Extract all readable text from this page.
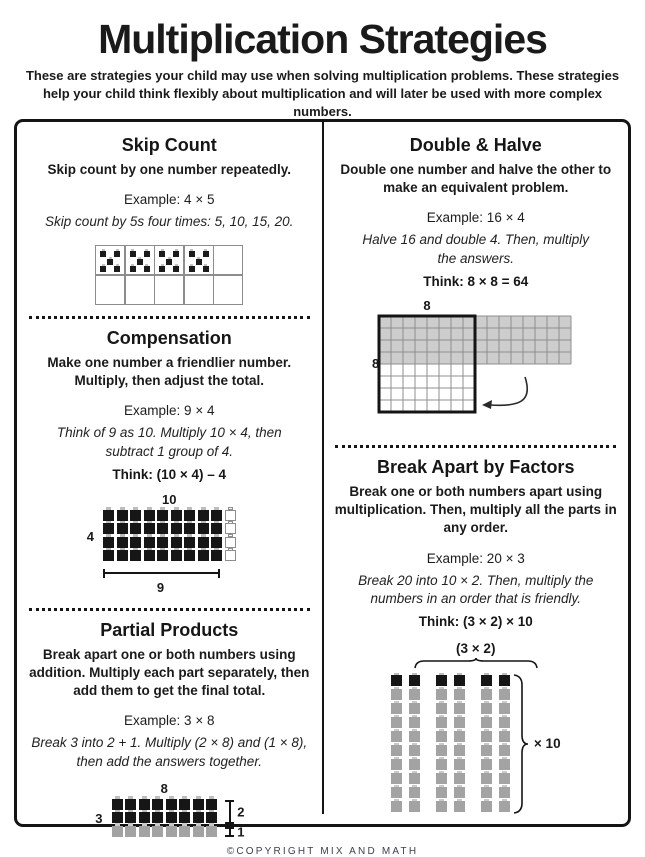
Multiplication Strategies

These are strategies your child may use when solving multiplication problems. These strategies help your child think flexibly about multiplication and will later be used with more complex numbers.

Skip Count

Skip count by one number repeatedly.

Example: 4 × 5

Skip count by 5s four times: 5, 10, 15, 20.

Compensation

Make one number a friendlier number. Multiply, then adjust the total.

Example: 9 × 4

Think of 9 as 10. Multiply 10 × 4, then subtract 1 group of 4.

Think: (10 × 4) – 4

10
4
9
Partial Products

Break apart one or both numbers using addition. Multiply each part separately, then add them to get the final total.

Example: 3 × 8

Break 3 into 2 + 1. Multiply (2 × 8) and (1 × 8), then add the answers together.

8
3	2
1
Double & Halve

Double one number and halve the other to make an equivalent problem.

Example: 16 × 4

Halve 16 and double 4. Then, multiply the answers.

Think: 8 × 8 = 64

8
8
Break Apart by Factors

Break one or both numbers apart using multiplication. Then, multiply all the parts in any order.

Example: 20 × 3

Break 20 into 10 × 2. Then, multiply the numbers in an order that is friendly.

Think: (3 × 2) × 10

(3 × 2)
× 10

©COPYRIGHT MIX AND MATH
